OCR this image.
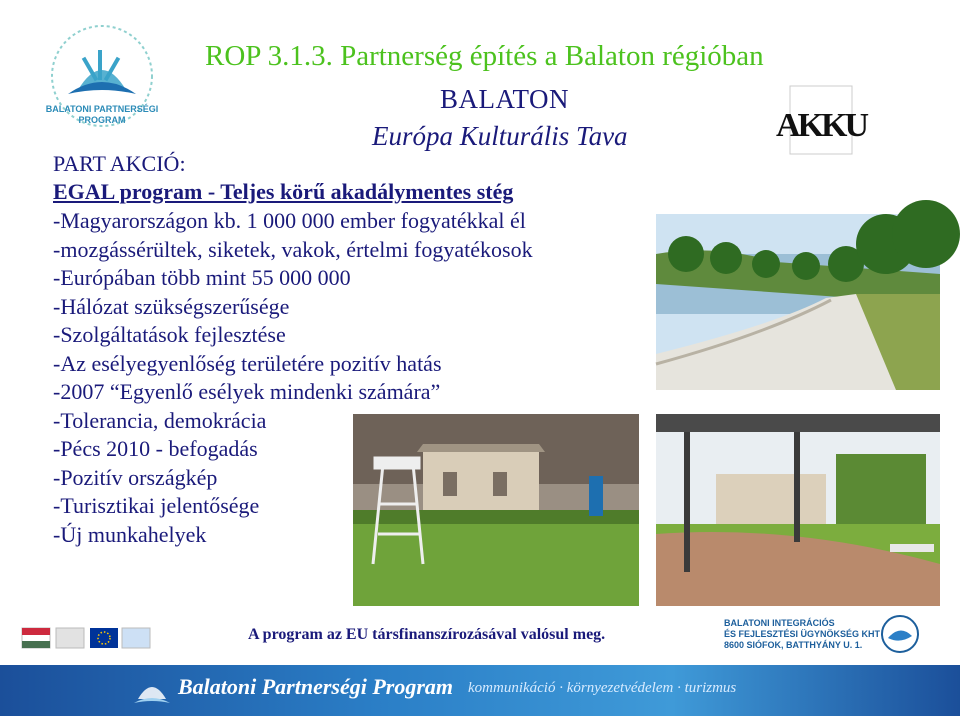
BALATONI PARTNERSÉGI
PROGRAM
ROP 3.1.3. Partnerség építés a Balaton régióban
BALATON
Európa Kulturális Tava	AKKU
PART AKCIÓ:
EGAL program - Teljes körű akadálymentes stég
-Magyarországon kb. 1 000 000 ember fogyatékkal él
-mozgássérültek, siketek, vakok, értelmi fogyatékosok
-Európában több mint 55 000 000
-Hálózat szükségszerűsége
-Szolgáltatások fejlesztése
-Az esélyegyenlőség területére pozitív hatás
-2007 “Egyenlő esélyek mindenki számára”
-Tolerancia, demokrácia
-Pécs 2010 - befogadás
-Pozitív országkép
-Turisztikai jelentősége
-Új munkahelyek
A program az EU társfinanszírozásával valósul meg.
BALATONI INTEGRÁCIÓS
ÉS FEJLESZTÉSI ÜGYNÖKSÉG KHT
8600 SIÓFOK, BATTHYÁNY U. 1.
Balatoni Partnerségi Program kommunikáció · környezetvédelem · turizmus
